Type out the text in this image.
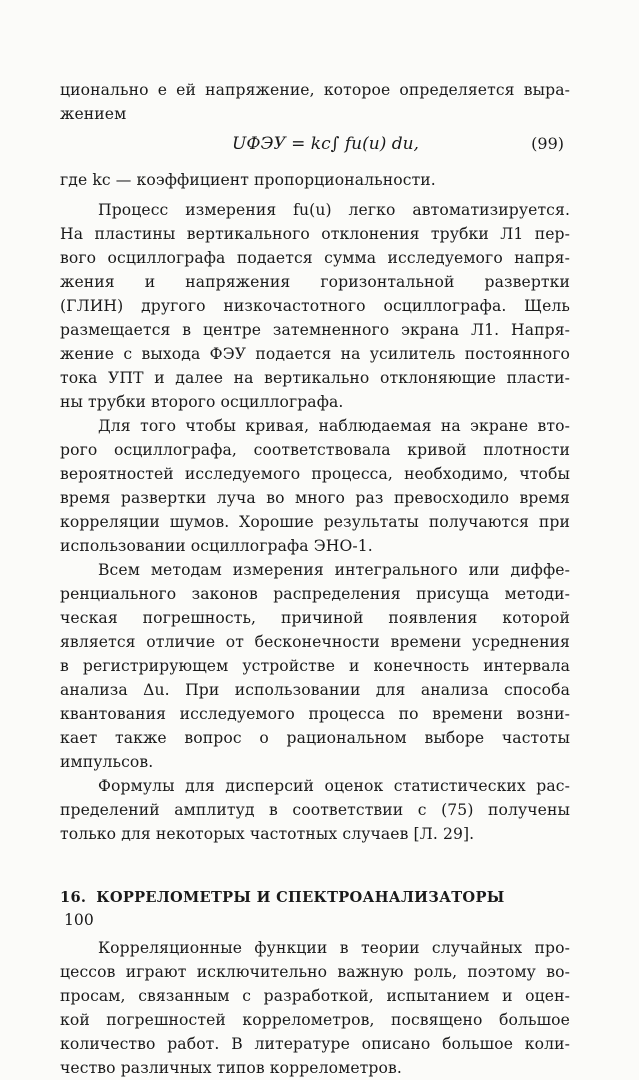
ционально е ей напряжение, которое определяется выра-
жением
UФЭУ = kc∫ fu(u) du,	(99)
где kс — коэффициент пропорциональности.
Процесс измерения fu(u) легко автоматизируется.
На пластины вертикального отклонения трубки Л1 пер-
вого осциллографа подается сумма исследуемого напря-
жения и напряжения горизонтальной развертки
(ГЛИН) другого низкочастотного осциллографа. Щель
размещается в центре затемненного экрана Л1. Напря-
жение с выхода ФЭУ подается на усилитель постоянного
тока УПТ и далее на вертикально отклоняющие пласти-
ны трубки второго осциллографа.
Для того чтобы кривая, наблюдаемая на экране вто-
рого осциллографа, соответствовала кривой плотности
вероятностей исследуемого процесса, необходимо, чтобы
время развертки луча во много раз превосходило время
корреляции шумов. Хорошие результаты получаются при
использовании осциллографа ЭНО-1.
Всем методам измерения интегрального или диффе-
ренциального законов распределения присуща методи-
ческая погрешность, причиной появления которой
является отличие от бесконечности времени усреднения
в регистрирующем устройстве и конечность интервала
анализа Δu. При использовании для анализа способа
квантования исследуемого процесса по времени возни-
кает также вопрос о рациональном выборе частоты
импульсов.
Формулы для дисперсий оценок статистических рас-
пределений амплитуд в соответствии с (75) получены
только для некоторых частотных случаев [Л. 29].
16. КОРРЕЛОМЕТРЫ И СПЕКТРОАНАЛИЗАТОРЫ
Корреляционные функции в теории случайных про-
цессов играют исключительно важную роль, поэтому во-
просам, связанным с разработкой, испытанием и оцен-
кой погрешностей коррелометров, посвящено большое
количество работ. В литературе описано большое коли-
чество различных типов коррелометров.
100
